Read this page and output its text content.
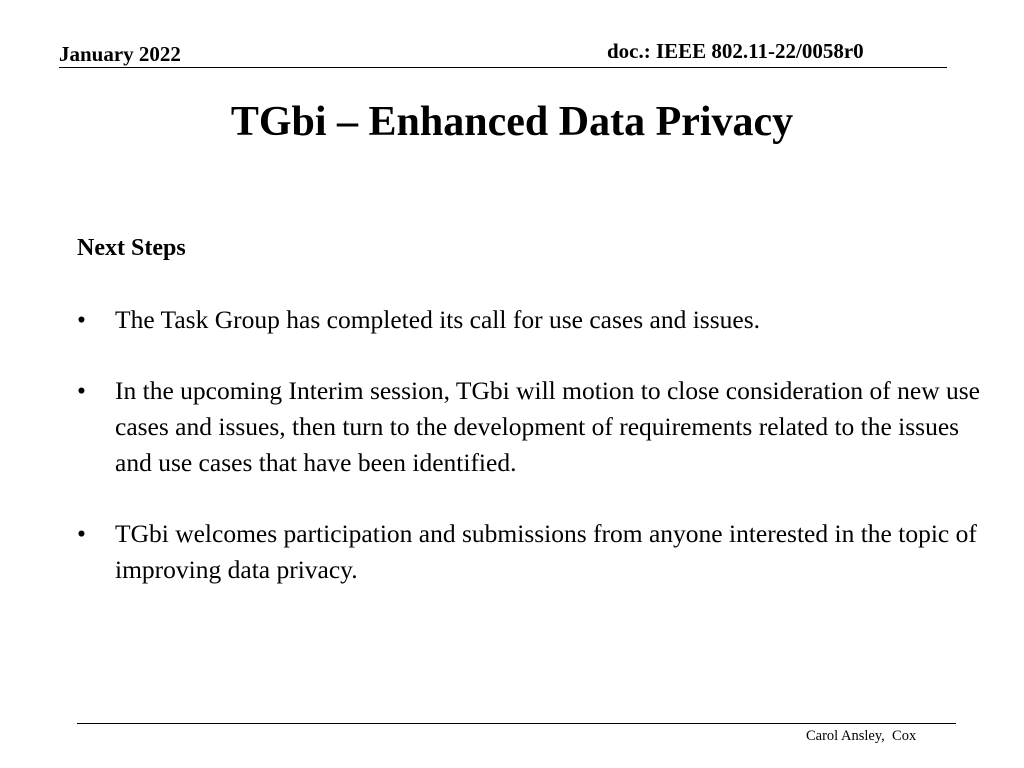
January 2022	doc.: IEEE 802.11-22/0058r0
TGbi – Enhanced Data Privacy
Next Steps
• The Task Group has completed its call for use cases and issues.
• In the upcoming Interim session, TGbi will motion to close consideration of new use cases and issues, then turn to the development of requirements related to the issues and use cases that have been identified.
• TGbi welcomes participation and submissions from anyone interested in the topic of improving data privacy.
Carol Ansley,  Cox
